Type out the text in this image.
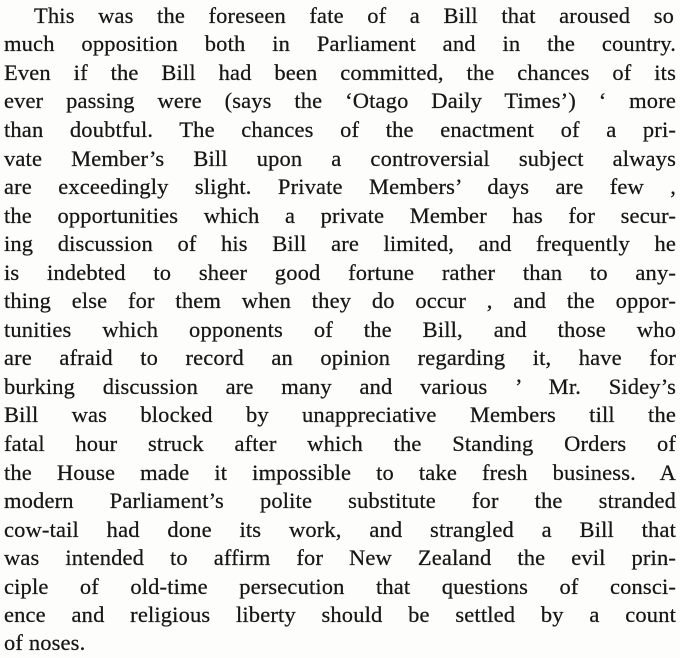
This was the foreseen fate of a Bill that aroused so
much opposition both in Parliament and in the country.
Even if the Bill had been committed, the chances of its
ever passing were (says the ‘Otago Daily Times’) ‘ more
than doubtful. The chances of the enactment of a pri-
vate Member’s Bill upon a controversial subject always
are exceedingly slight. Private Members’ days are few ,
the opportunities which a private Member has for secur-
ing discussion of his Bill are limited, and frequently he
is indebted to sheer good fortune rather than to any-
thing else for them when they do occur , and the oppor-
tunities which opponents of the Bill, and those who
are afraid to record an opinion regarding it, have for
burking discussion are many and various ’ Mr. Sidey’s
Bill was blocked by unappreciative Members till the
fatal hour struck after which the Standing Orders of
the House made it impossible to take fresh business. A
modern Parliament’s polite substitute for the stranded
cow-tail had done its work, and strangled a Bill that
was intended to affirm for New Zealand the evil prin-
ciple of old-time persecution that questions of consci-
ence and religious liberty should be settled by a count
of noses.
